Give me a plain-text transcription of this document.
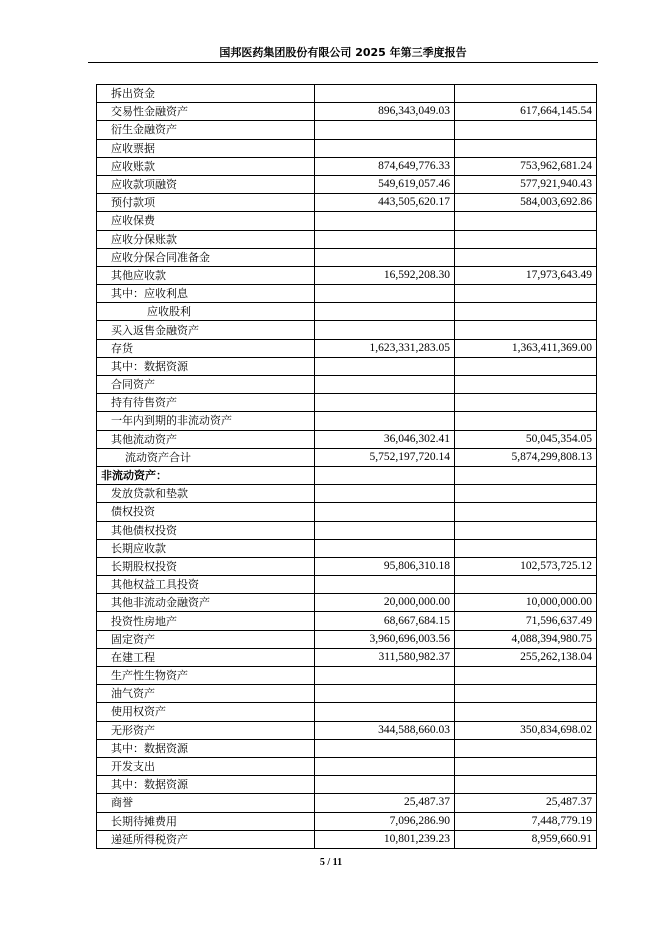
国邦医药集团股份有限公司 2025 年第三季度报告
拆出资金		
交易性金融资产	896,343,049.03	617,664,145.54
衍生金融资产		
应收票据		
应收账款	874,649,776.33	753,962,681.24
应收款项融资	549,619,057.46	577,921,940.43
预付款项	443,505,620.17	584,003,692.86
应收保费		
应收分保账款		
应收分保合同准备金		
其他应收款	16,592,208.30	17,973,643.49
其中：应收利息		
应收股利		
买入返售金融资产		
存货	1,623,331,283.05	1,363,411,369.00
其中：数据资源		
合同资产		
持有待售资产		
一年内到期的非流动资产		
其他流动资产	36,046,302.41	50,045,354.05
流动资产合计	5,752,197,720.14	5,874,299,808.13
非流动资产：		
发放贷款和垫款		
债权投资		
其他债权投资		
长期应收款		
长期股权投资	95,806,310.18	102,573,725.12
其他权益工具投资		
其他非流动金融资产	20,000,000.00	10,000,000.00
投资性房地产	68,667,684.15	71,596,637.49
固定资产	3,960,696,003.56	4,088,394,980.75
在建工程	311,580,982.37	255,262,138.04
生产性生物资产		
油气资产		
使用权资产		
无形资产	344,588,660.03	350,834,698.02
其中：数据资源		
开发支出		
其中：数据资源		
商誉	25,487.37	25,487.37
长期待摊费用	7,096,286.90	7,448,779.19
递延所得税资产	10,801,239.23	8,959,660.91
5 / 11
